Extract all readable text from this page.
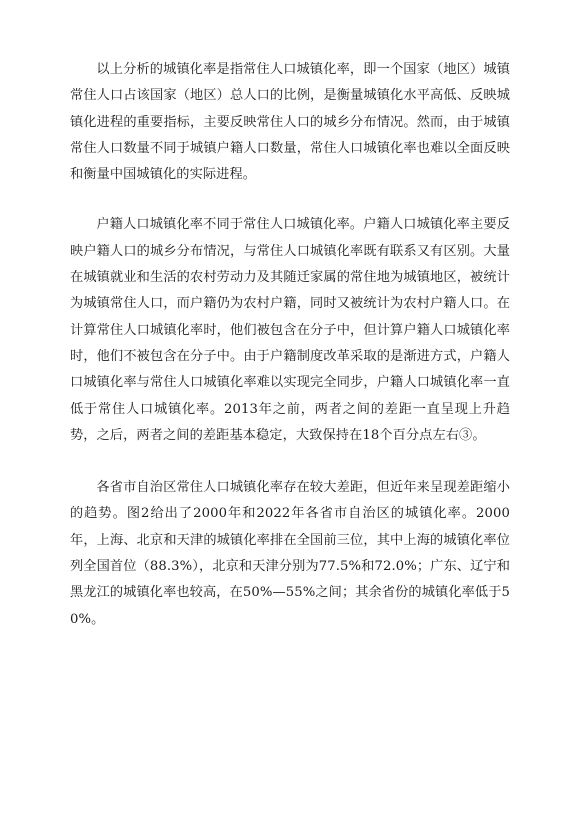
以上分析的城镇化率是指常住人口城镇化率，即一个国家（地区）城镇常住人口占该国家（地区）总人口的比例，是衡量城镇化水平高低、反映城镇化进程的重要指标，主要反映常住人口的城乡分布情况。然而，由于城镇常住人口数量不同于城镇户籍人口数量，常住人口城镇化率也难以全面反映和衡量中国城镇化的实际进程。

户籍人口城镇化率不同于常住人口城镇化率。户籍人口城镇化率主要反映户籍人口的城乡分布情况，与常住人口城镇化率既有联系又有区别。大量在城镇就业和生活的农村劳动力及其随迁家属的常住地为城镇地区，被统计为城镇常住人口，而户籍仍为农村户籍，同时又被统计为农村户籍人口。在计算常住人口城镇化率时，他们被包含在分子中，但计算户籍人口城镇化率时，他们不被包含在分子中。由于户籍制度改革采取的是渐进方式，户籍人口城镇化率与常住人口城镇化率难以实现完全同步，户籍人口城镇化率一直低于常住人口城镇化率。2013年之前，两者之间的差距一直呈现上升趋势，之后，两者之间的差距基本稳定，大致保持在18个百分点左右③。

各省市自治区常住人口城镇化率存在较大差距，但近年来呈现差距缩小的趋势。图2给出了2000年和2022年各省市自治区的城镇化率。2000年，上海、北京和天津的城镇化率排在全国前三位，其中上海的城镇化率位列全国首位（88.3%），北京和天津分别为77.5%和72.0%；广东、辽宁和黑龙江的城镇化率也较高，在50%—55%之间；其余省份的城镇化率低于50%。
